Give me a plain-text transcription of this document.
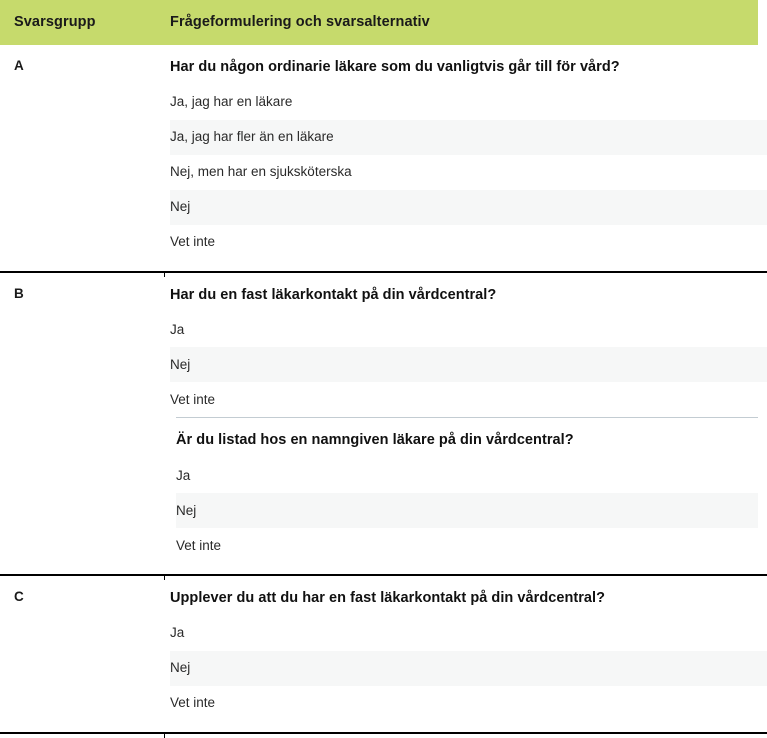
Svarsgrupp	Frågeformulering och svarsalternativ
A	Har du någon ordinarie läkare som du vanligtvis går till för vård?
Ja, jag har en läkare
Ja, jag har fler än en läkare
Nej, men har en sjuksköterska
Nej
Vet inte
B	Har du en fast läkarkontakt på din vårdcentral?
Ja
Nej
Vet inte
Är du listad hos en namngiven läkare på din vårdcentral?
Ja
Nej
Vet inte
C	Upplever du att du har en fast läkarkontakt på din vårdcentral?
Ja
Nej
Vet inte
